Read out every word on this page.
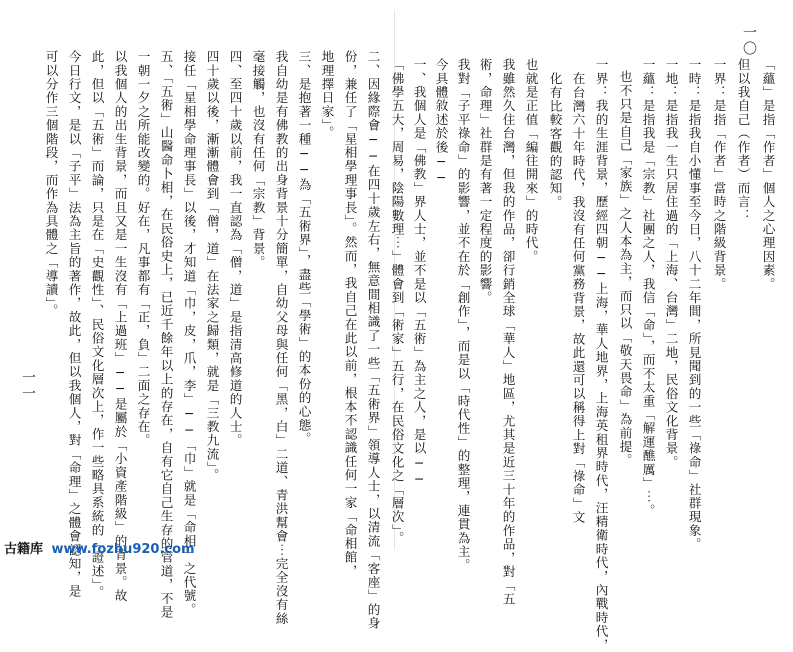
一〇
一界：是指「作者」當時之階級背景。	「蘊」是指「作者」個人之心理因素。
但以我自己（作者）而言：
一時：是指我自小懂事至今日，八十二年間，所見聞到的一些「祿命」社群現象。
一地：是指我一生只居住過的「上海、台灣」二地，民俗文化背景。
一蘊：是指我是「宗教」社團之人，我信「命」，而不太重「解運醮厲」⋯。
也不只是自己「家族」之人本為主，而只以「敬天畏命」為前提。
一界：我的生涯背景，歷經四朝──上海，華人地界，上海英租界時代，汪精衛時代，內戰時代，
在台灣六十年時代，我沒有任何黨務背景，故此還可以稱得上對「祿命」文
化有比較客觀的認知。
也就是正值「編往開來」的時代。
我雖然久住台灣，但我的作品，卻行銷全球「華人」地區，尤其是近三十年的作品，對「五
術，命理」社群是有著一定程度的影響。
我對「子平祿命」的影響，並不在於「創作」，而是以「時代性」的整理，連貫為主。
今具體敘述於後──
一、我個人是「佛教」界人士，並不是以「五術」為主之人，是以──
「佛學五大，周易，陰陽數理⋯」體會到「術家」五行，在民俗文化之「層次」。
二、因緣際會──在四十歲左右，無意間相識了一些「五術界」領導人士，以清流「客座」的身
份，兼任了「星相學理事長」。然而，我自己在此以前，根本不認識任何一家「命相館，
地理擇日家」。
三、是抱著一種──為「五術界」，盡些「學術」的本份的心態。
我自幼是有佛教的出身背景十分簡單，自幼父母與任何「黑，白」二道、青洪幫會⋯完全沒有絲
毫接觸，也沒有任何「宗教」背景。
四、至四十歲以前，我一直認為「僧，道」是指清高修道的人士。
四十歲以後，漸漸體會到「僧，道」在法家之歸類，就是「三教九流」。
接任「星相學命理事長」以後，才知道「巾，皮，爪，李」──「巾」就是「命相」之代號。
五、「五術」山醫命卜相，在民俗史上，已近千餘年以上的存在，自有它自己生存的管道，不是
一朝一夕之所能改變的。好在，凡事都有「正，負」二面之存在。
以我個人的出生背景，而且又是一生沒有「上過班」──是屬於「小資產階級」的背景。故
此，但以「五術」而論，只是在「史觀性」、民俗文化層次上，作一些略具系統的「證述」。
今日行文，是以「子平」法為主旨的著作，故此，但以我個人，對「命理」之體會認知，是
可以分作三個階段，而作為具體之「導讀」。
一一
古籍库 www.fozhu920.com
